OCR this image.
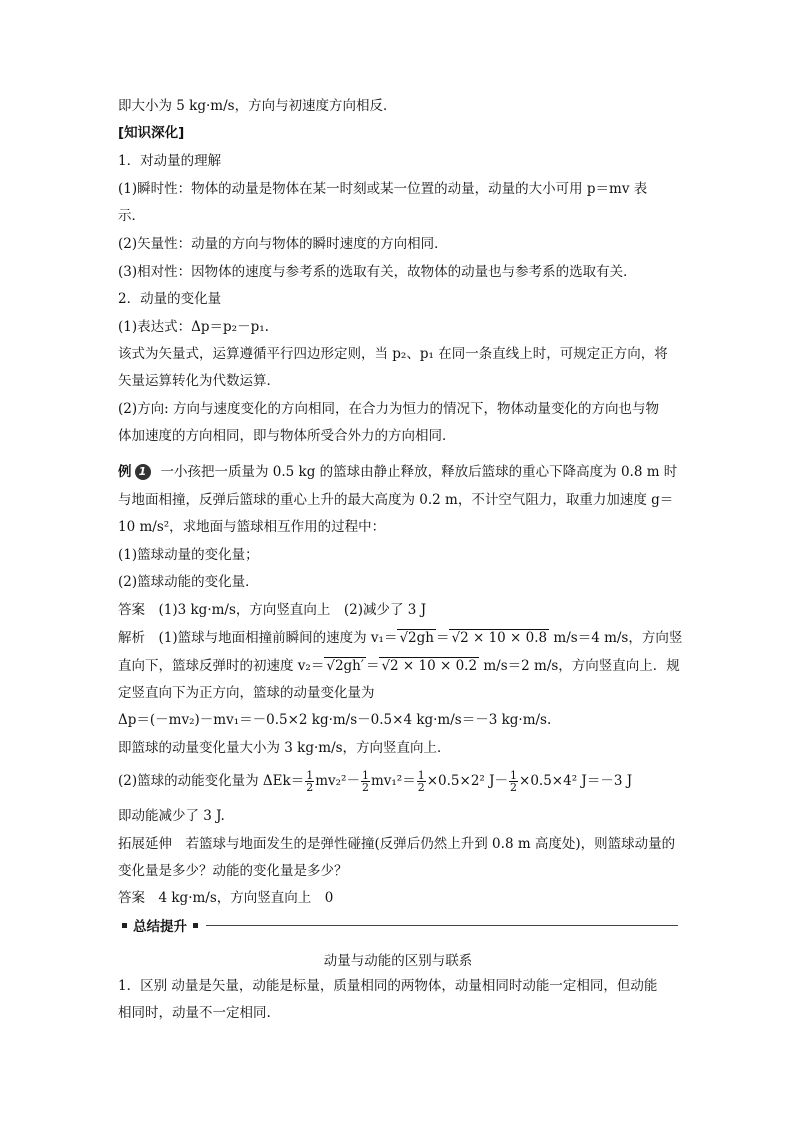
即大小为 5 kg·m/s，方向与初速度方向相反．
[知识深化]
1．对动量的理解
(1)瞬时性：物体的动量是物体在某一时刻或某一位置的动量，动量的大小可用 p＝mv 表
示．
(2)矢量性：动量的方向与物体的瞬时速度的方向相同．
(3)相对性：因物体的速度与参考系的选取有关，故物体的动量也与参考系的选取有关．
2．动量的变化量
(1)表达式：Δp＝p₂－p₁.
该式为矢量式，运算遵循平行四边形定则，当 p₂、p₁ 在同一条直线上时，可规定正方向，将
矢量运算转化为代数运算．
(2)方向: 方向与速度变化的方向相同，在合力为恒力的情况下，物体动量变化的方向也与物
体加速度的方向相同，即与物体所受合外力的方向相同．
例 1	一小孩把一质量为 0.5 kg 的篮球由静止释放，释放后篮球的重心下降高度为 0.8 m 时
与地面相撞，反弹后篮球的重心上升的最大高度为 0.2 m，不计空气阻力，取重力加速度 g＝
10 m/s²，求地面与篮球相互作用的过程中：
(1)篮球动量的变化量；
(2)篮球动能的变化量．
答案　(1)3 kg·m/s，方向竖直向上　(2)减少了 3 J
解析　(1)篮球与地面相撞前瞬间的速度为 v₁＝ √2gh ＝ √2 × 10 × 0.8 m/s＝4 m/s，方向竖
直向下，篮球反弹时的初速度 v₂＝ √2gh′ ＝ √2 × 10 × 0.2 m/s＝2 m/s，方向竖直向上．规
定竖直向下为正方向，篮球的动量变化量为
Δp＝(－mv₂)－mv₁＝－0.5×2 kg·m/s－0.5×4 kg·m/s＝－3 kg·m/s.
即篮球的动量变化量大小为 3 kg·m/s，方向竖直向上．
(2)篮球的动能变化量为 $\Delta Ek= \frac{1}{2} mv_2^2- \frac{1}{2} mv_1^2= \frac{1}{2} \times 0.5\times 2^2$ $J- \frac{1}{2} \times 0.5\times 4^2$ J＝－3 J
即动能减少了 3 J.
拓展延伸　若篮球与地面发生的是弹性碰撞(反弹后仍然上升到 0.8 m 高度处)，则篮球动量的
变化量是多少？动能的变化量是多少？
答案　4 kg·m/s，方向竖直向上　0
总结提升
动量与动能的区别与联系
1．区别 动量是矢量，动能是标量，质量相同的两物体，动量相同时动能一定相同，但动能
相同时，动量不一定相同.
